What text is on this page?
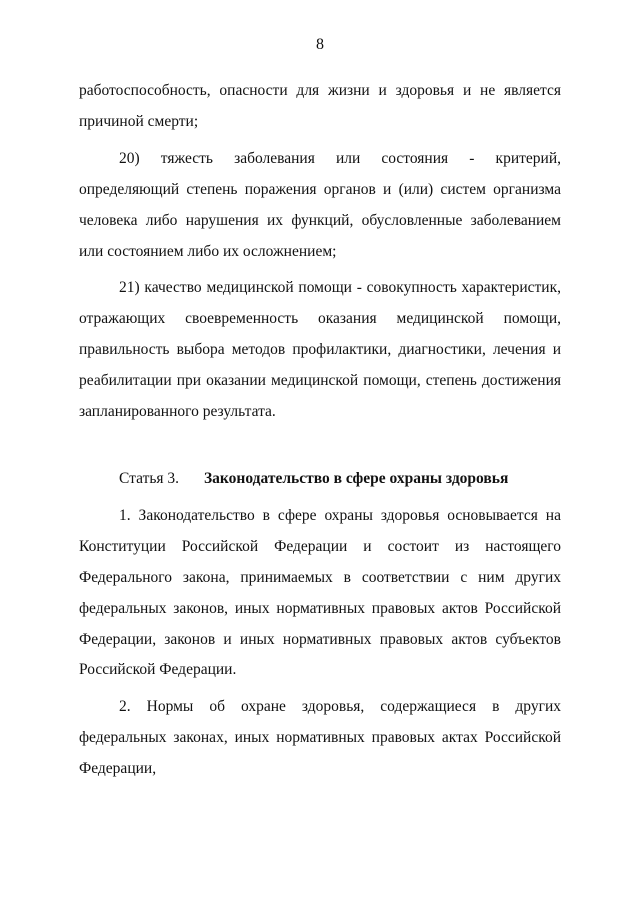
8

работоспособность, опасности для жизни и здоровья и не является причиной смерти;

20) тяжесть заболевания или состояния - критерий, определяющий степень поражения органов и (или) систем организма человека либо нарушения их функций, обусловленные заболеванием или состоянием либо их осложнением;

21) качество медицинской помощи - совокупность характеристик, отражающих своевременность оказания медицинской помощи, правильность выбора методов профилактики, диагностики, лечения и реабилитации при оказании медицинской помощи, степень достижения запланированного результата.

Статья 3. Законодательство в сфере охраны здоровья

1. Законодательство в сфере охраны здоровья основывается на Конституции Российской Федерации и состоит из настоящего Федерального закона, принимаемых в соответствии с ним других федеральных законов, иных нормативных правовых актов Российской Федерации, законов и иных нормативных правовых актов субъектов Российской Федерации.

2. Нормы об охране здоровья, содержащиеся в других федеральных законах, иных нормативных правовых актах Российской Федерации,
